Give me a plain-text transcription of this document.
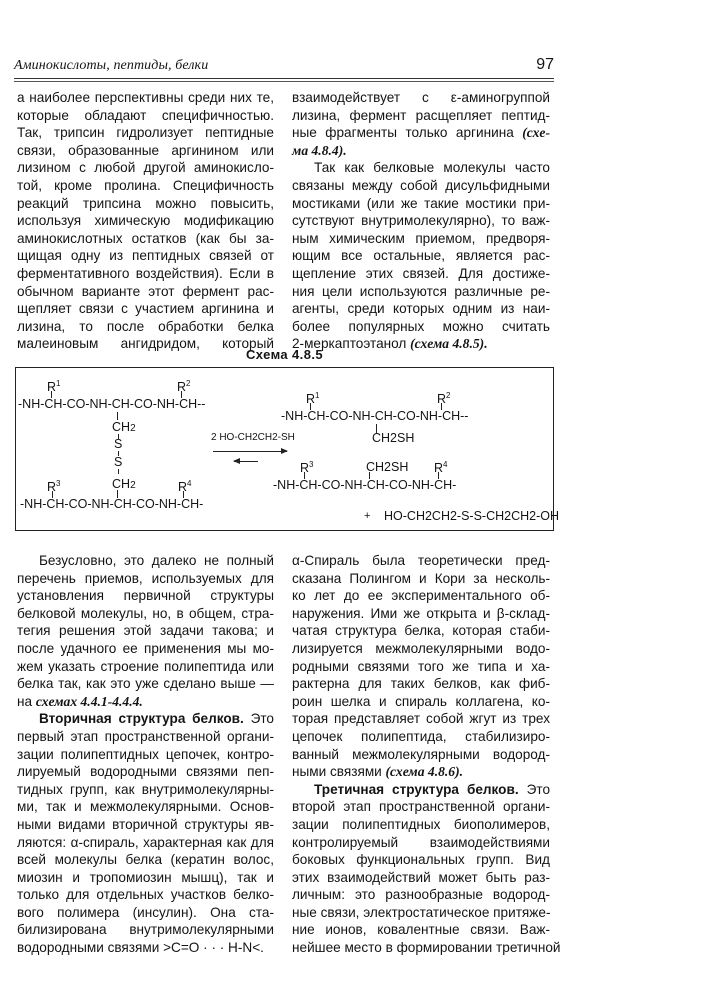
Аминокислоты, пептиды, белки	97

а наиболее перспективны среди них те,
которые обладают специфичностью.
Так, трипсин гидролизует пептидные
связи, образованные аргинином или
лизином с любой другой аминокисло-
той, кроме пролина. Специфичность
реакций трипсина можно повысить,
используя химическую модификацию
аминокислотных остатков (как бы за-
щищая одну из пептидных связей от
ферментативного воздействия). Если в
обычном варианте этот фермент рас-
щепляет связи с участием аргинина и
лизина, то после обработки белка
малеиновым ангидридом, который

взаимодействует с ε-аминогруппой
лизина, фермент расщепляет пептид-
ные фрагменты только аргинина (схе-
ма 4.8.4).

Так как белковые молекулы часто
связаны между собой дисульфидными
мостиками (или же такие мостики при-
сутствуют внутримолекулярно), то важ-
ным химическим приемом, предворя-
ющим все остальные, является рас-
щепление этих связей. Для достиже-
ния цели используются различные ре-
агенты, среди которых одним из наи-
более популярных можно считать
2-меркаптоэтанол (схема 4.8.5).

Схема 4.8.5
$R^1$	$R^2$
-NH-CH-CO-NH-CH-CO-NH-CH--
CH2
S
S
CH2
$R^3$	$R^4$
-NH-CH-CO-NH-CH-CO-NH-CH-
2 HO-CH2CH2-SH
$R^1$	$R^2$
-NH-CH-CO-NH-CH-CO-NH-CH--
CH2SH
$R^3$	CH2SH $R^4$
-NH-CH-CO-NH-CH-CO-NH-CH-
+ HO-CH2CH2-S-S-CH2CH2-OH

Безусловно, это далеко не полный
перечень приемов, используемых для
установления первичной структуры
белковой молекулы, но, в общем, стра-
тегия решения этой задачи такова; и
после удачного ее применения мы мо-
жем указать строение полипептида или
белка так, как это уже сделано выше —
на схемах 4.4.1-4.4.4.

Вторичная структура белков. Это
первый этап пространственной органи-
зации полипептидных цепочек, контро-
лируемый водородными связями пеп-
тидных групп, как внутримолекулярны-
ми, так и межмолекулярными. Основ-
ными видами вторичной структуры яв-
ляются: α-спираль, характерная как для
всей молекулы белка (кератин волос,
миозин и тропомиозин мышц), так и
только для отдельных участков белко-
вого полимера (инсулин). Она ста-
билизирована внутримолекулярными
водородными связями >C=O · · · H-N<.

α-Спираль была теоретически пред-
сказана Полингом и Кори за несколь-
ко лет до ее экспериментального об-
наружения. Ими же открыта и β-склад-
чатая структура белка, которая стаби-
лизируется межмолекулярными водо-
родными связями того же типа и ха-
рактерна для таких белков, как фиб-
роин шелка и спираль коллагена, ко-
торая представляет собой жгут из трех
цепочек полипептида, стабилизиро-
ванный межмолекулярными водород-
ными связями (схема 4.8.6).

Третичная структура белков. Это
второй этап пространственной органи-
зации полипептидных биополимеров,
контролируемый взаимодействиями
боковых функциональных групп. Вид
этих взаимодействий может быть раз-
личным: это разнообразные водород-
ные связи, электростатическое притяже-
ние ионов, ковалентные связи. Важ-
нейшее место в формировании третичной
